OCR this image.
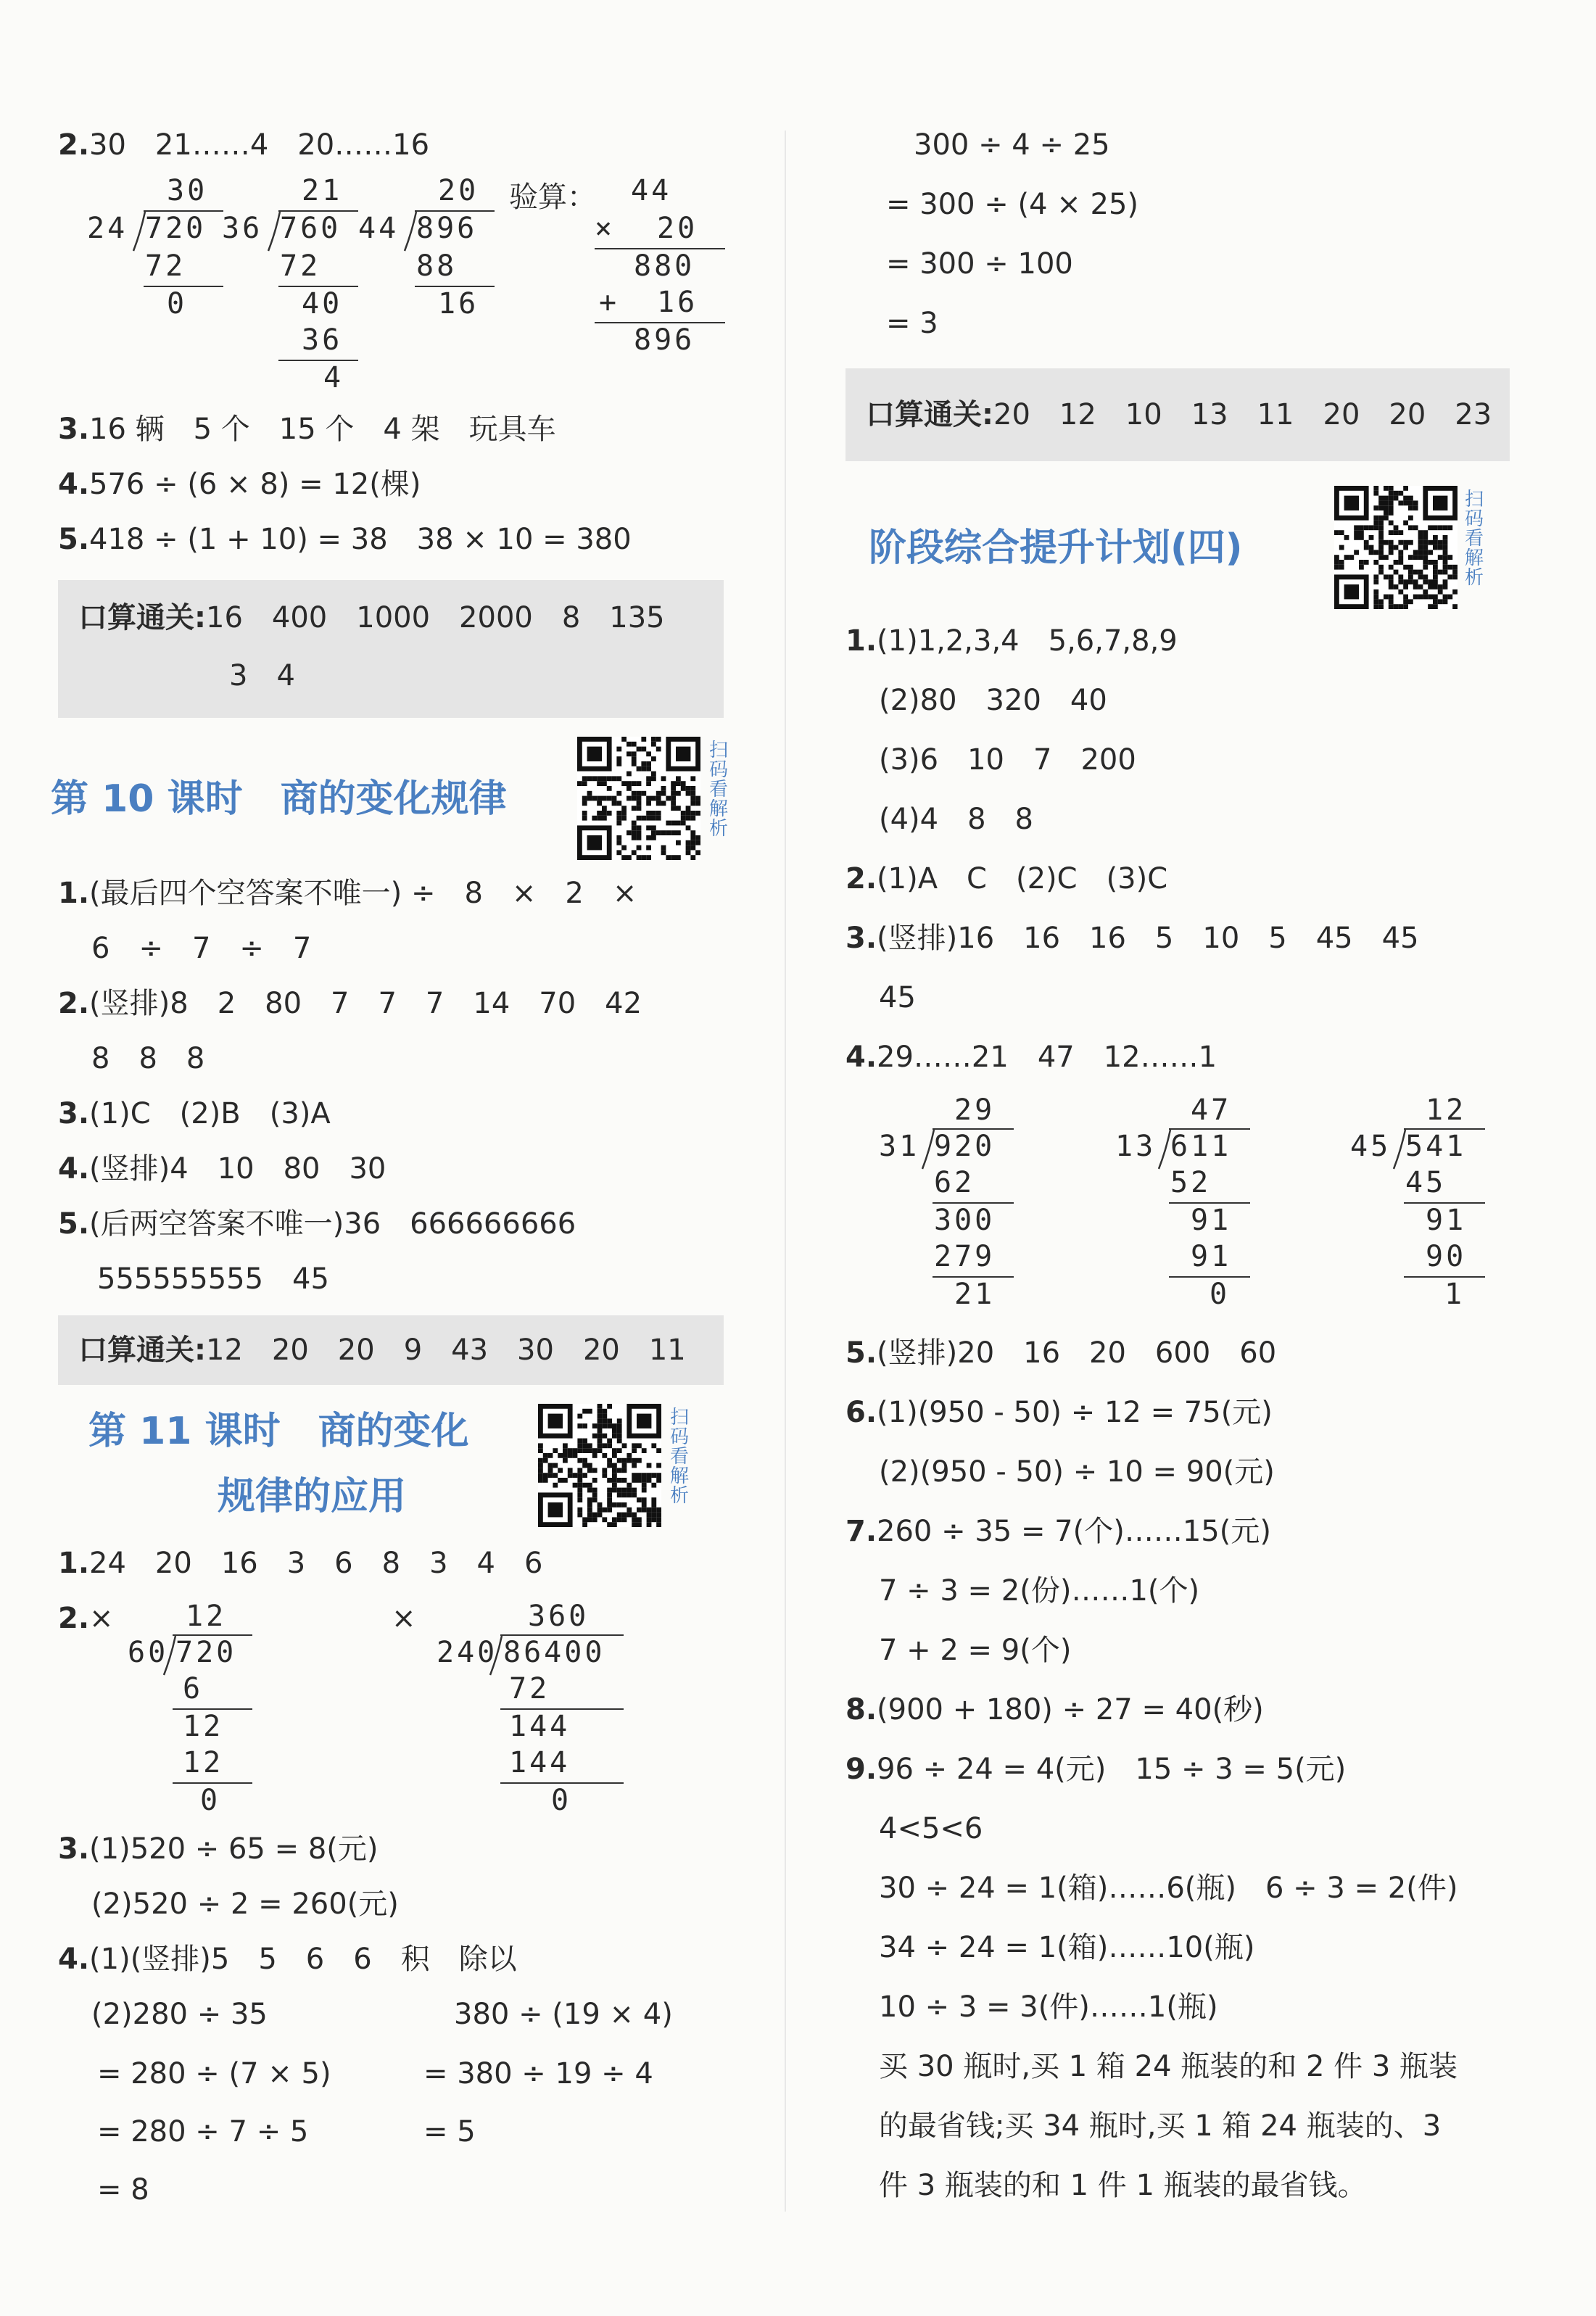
2.30　21……4　20……16
30
24 720
72
0
21
36 760
72
40
36
4
20
44 896
88
16
验算： 44
× 20
880
+ 16
896
3.16 辆　5 个　15 个　4 架　玩具车
4.576 ÷ (6 × 8) = 12(棵)
5.418 ÷ (1 + 10) = 38　38 × 10 = 380
口算通关:16　400　1000　2000　8　135
3　4
第 10 课时　商的变化规律
扫
码
看
解
析
1.(最后四个空答案不唯一) ÷　8　×　2　×
6　÷　7　÷　7
2.(竖排)8　2　80　7　7　7　14　70　42
8　8　8
3.(1)C　(2)B　(3)A
4.(竖排)4　10　80　30
5.(后两空答案不唯一)36　666666666
555555555　45
口算通关:12　20　20　9　43　30　20　11
第 11 课时　商的变化
规律的应用
扫
码
看
解
析
1.24　20　16　3　6　8　3　4　6
2.×	×
12
60 720
6
12
12
0
360
240 86400
72
144
144
0
3.(1)520 ÷ 65 = 8(元)
(2)520 ÷ 2 = 260(元)
4.(1)(竖排)5　5　6　6　积　除以
(2)280 ÷ 35
= 280 ÷ (7 × 5)
= 280 ÷ 7 ÷ 5
= 8
380 ÷ (19 × 4)
= 380 ÷ 19 ÷ 4
= 5
300 ÷ 4 ÷ 25
= 300 ÷ (4 × 25)
= 300 ÷ 100
= 3
口算通关:20　12　10　13　11　20　20　23
阶段综合提升计划(四)
扫
码
看
解
析
1.(1)1,2,3,4　5,6,7,8,9
(2)80　320　40
(3)6　10　7　200
(4)4　8　8
2.(1)A　C　(2)C　(3)C
3.(竖排)16　16　16　5　10　5　45　45
45
4.29……21　47　12……1
29
31 920
62
300
279
21
47
13 611
52
91
91
0
12
45 541
45
91
90
1
5.(竖排)20　16　20　600　60
6.(1)(950 - 50) ÷ 12 = 75(元)
(2)(950 - 50) ÷ 10 = 90(元)
7.260 ÷ 35 = 7(个)……15(元)
7 ÷ 3 = 2(份)……1(个)
7 + 2 = 9(个)
8.(900 + 180) ÷ 27 = 40(秒)
9.96 ÷ 24 = 4(元)　15 ÷ 3 = 5(元)
4<5<6
30 ÷ 24 = 1(箱)……6(瓶)　6 ÷ 3 = 2(件)
34 ÷ 24 = 1(箱)……10(瓶)
10 ÷ 3 = 3(件)……1(瓶)
买 30 瓶时,买 1 箱 24 瓶装的和 2 件 3 瓶装
的最省钱;买 34 瓶时,买 1 箱 24 瓶装的、3
件 3 瓶装的和 1 件 1 瓶装的最省钱。
